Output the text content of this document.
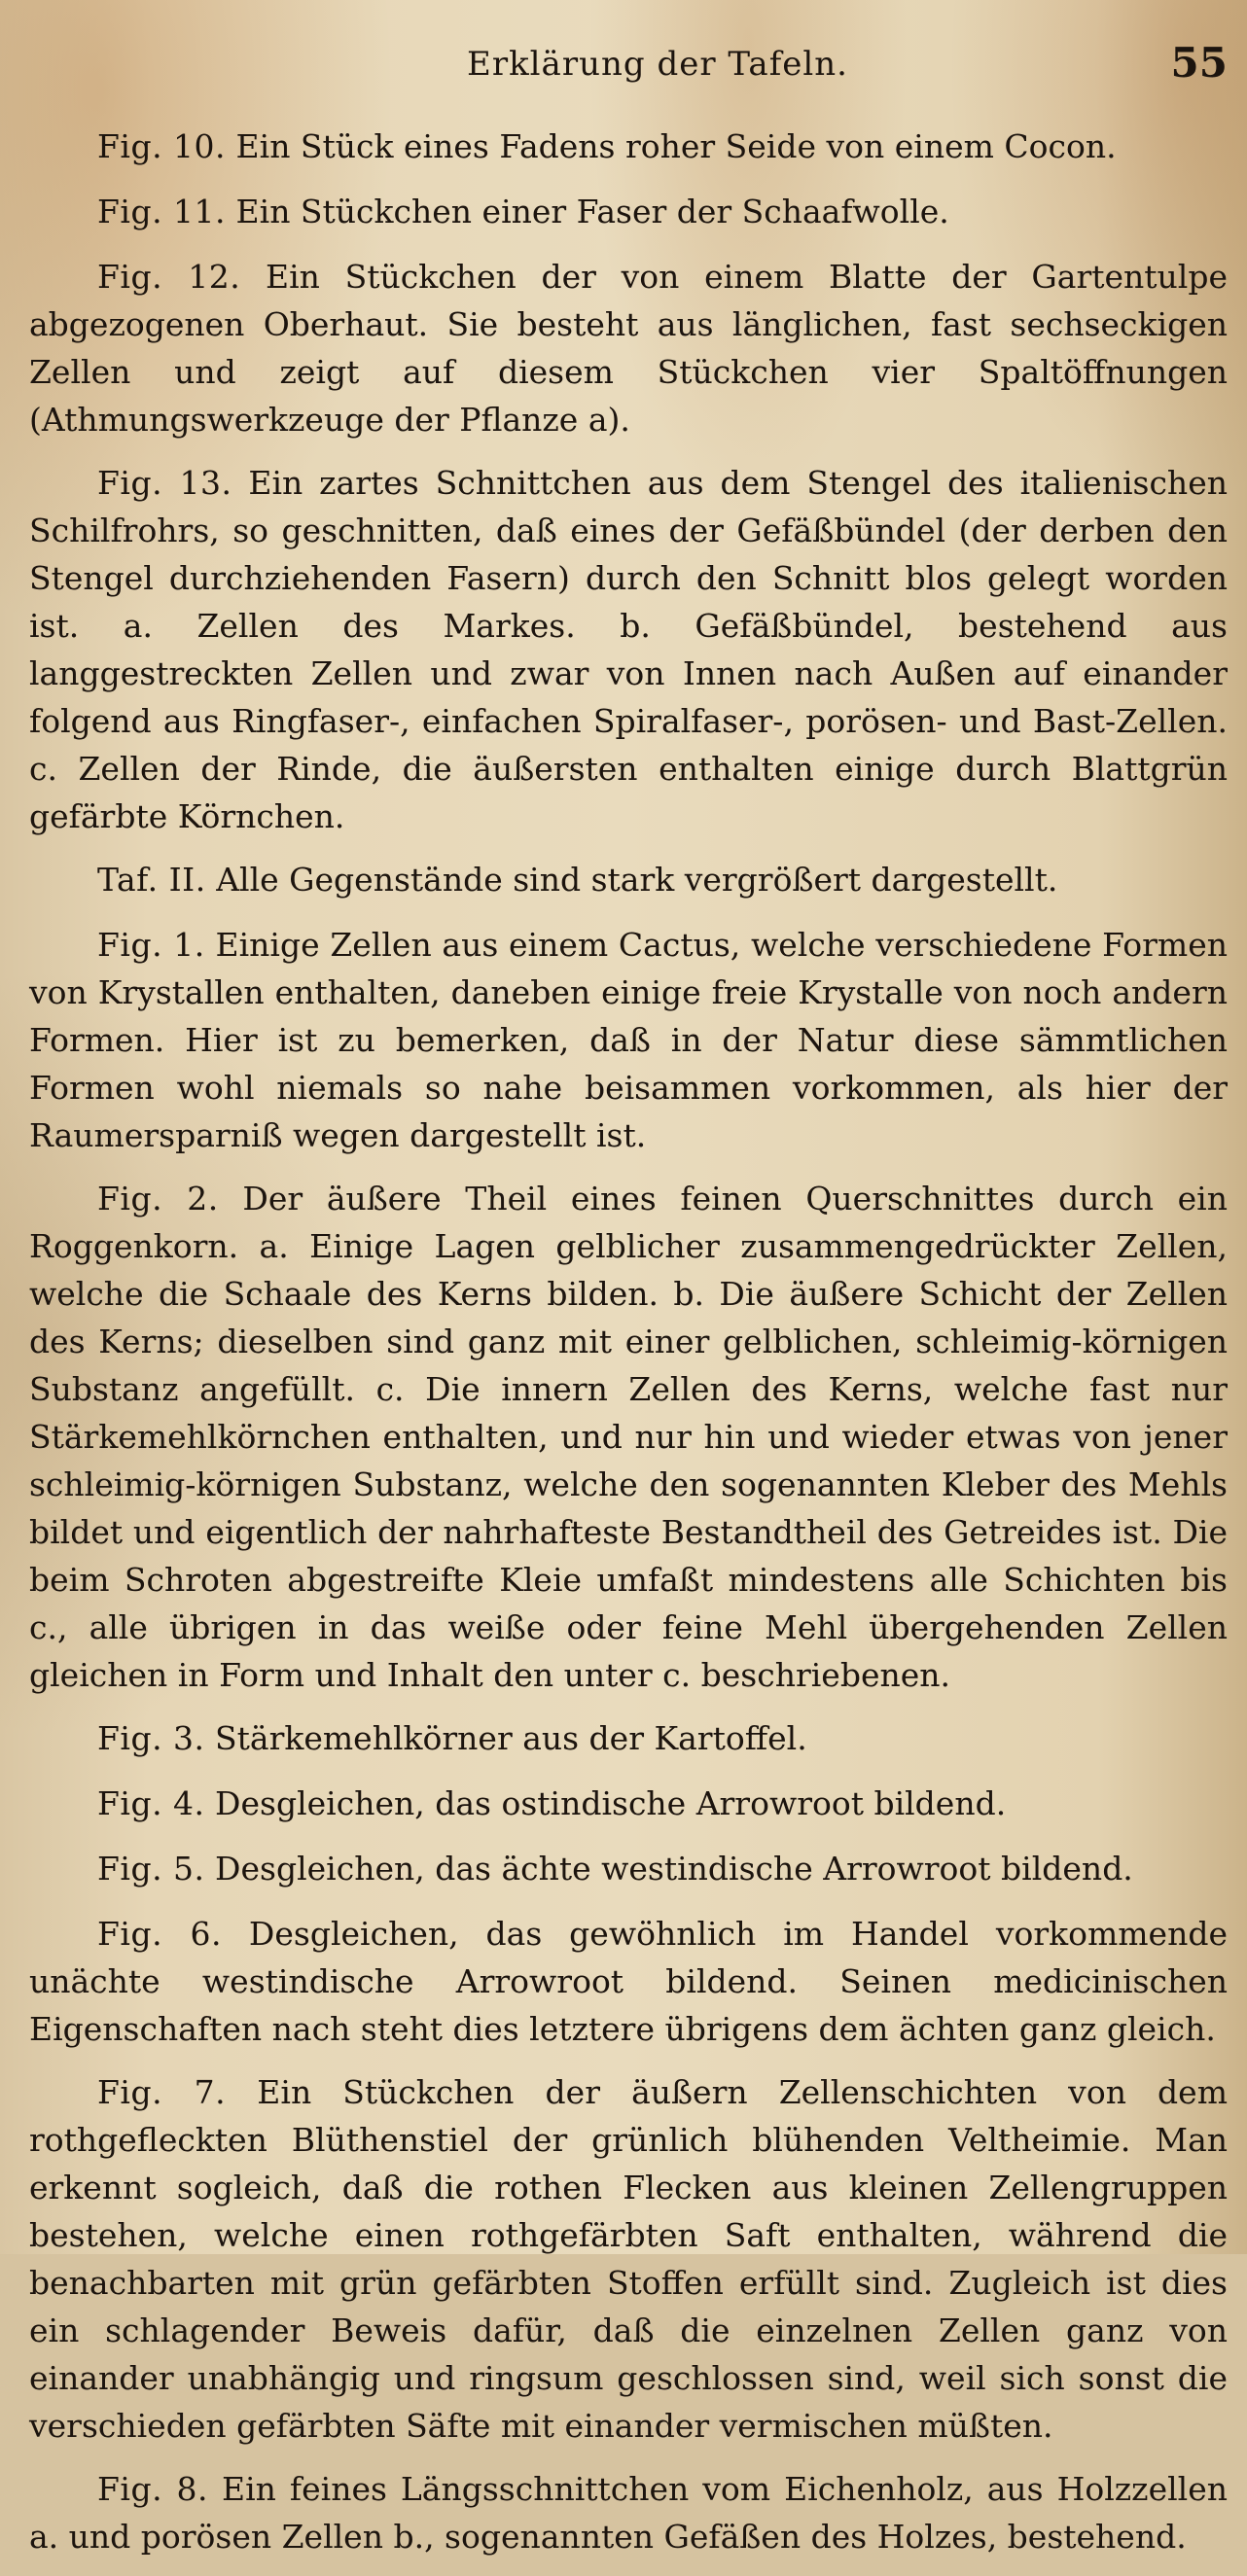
Erklärung der Tafeln.	55

Fig. 10. Ein Stück eines Fadens roher Seide von einem Cocon.

Fig. 11. Ein Stückchen einer Faser der Schaafwolle.

Fig. 12. Ein Stückchen der von einem Blatte der Gartentulpe abgezogenen Oberhaut. Sie besteht aus länglichen, fast sechseckigen Zellen und zeigt auf diesem Stückchen vier Spaltöffnungen (Athmungswerkzeuge der Pflanze a).

Fig. 13. Ein zartes Schnittchen aus dem Stengel des italienischen Schilfrohrs, so geschnitten, daß eines der Gefäßbündel (der derben den Stengel durchziehenden Fasern) durch den Schnitt blos gelegt worden ist. a. Zellen des Markes. b. Gefäßbündel, bestehend aus langgestreckten Zellen und zwar von Innen nach Außen auf einander folgend aus Ringfaser-, einfachen Spiralfaser-, porösen- und Bast-Zellen. c. Zellen der Rinde, die äußersten enthalten einige durch Blattgrün gefärbte Körnchen.

Taf. II. Alle Gegenstände sind stark vergrößert dargestellt.

Fig. 1. Einige Zellen aus einem Cactus, welche verschiedene Formen von Krystallen enthalten, daneben einige freie Krystalle von noch andern Formen. Hier ist zu bemerken, daß in der Natur diese sämmtlichen Formen wohl niemals so nahe beisammen vorkommen, als hier der Raumersparniß wegen dargestellt ist.

Fig. 2. Der äußere Theil eines feinen Querschnittes durch ein Roggenkorn. a. Einige Lagen gelblicher zusammengedrückter Zellen, welche die Schaale des Kerns bilden. b. Die äußere Schicht der Zellen des Kerns; dieselben sind ganz mit einer gelblichen, schleimig-körnigen Substanz angefüllt. c. Die innern Zellen des Kerns, welche fast nur Stärkemehlkörnchen enthalten, und nur hin und wieder etwas von jener schleimig-körnigen Substanz, welche den sogenannten Kleber des Mehls bildet und eigentlich der nahrhafteste Bestandtheil des Getreides ist. Die beim Schroten abgestreifte Kleie umfaßt mindestens alle Schichten bis c., alle übrigen in das weiße oder feine Mehl übergehenden Zellen gleichen in Form und Inhalt den unter c. beschriebenen.

Fig. 3. Stärkemehlkörner aus der Kartoffel.

Fig. 4. Desgleichen, das ostindische Arrowroot bildend.

Fig. 5. Desgleichen, das ächte westindische Arrowroot bildend.

Fig. 6. Desgleichen, das gewöhnlich im Handel vorkommende unächte westindische Arrowroot bildend. Seinen medicinischen Eigenschaften nach steht dies letztere übrigens dem ächten ganz gleich.

Fig. 7. Ein Stückchen der äußern Zellenschichten von dem rothgefleckten Blüthenstiel der grünlich blühenden Veltheimie. Man erkennt sogleich, daß die rothen Flecken aus kleinen Zellengruppen bestehen, welche einen rothgefärbten Saft enthalten, während die benachbarten mit grün gefärbten Stoffen erfüllt sind. Zugleich ist dies ein schlagender Beweis dafür, daß die einzelnen Zellen ganz von einander unabhängig und ringsum geschlossen sind, weil sich sonst die verschieden gefärbten Säfte mit einander vermischen müßten.

Fig. 8. Ein feines Längsschnittchen vom Eichenholz, aus Holzzellen a. und porösen Zellen b., sogenannten Gefäßen des Holzes, bestehend.
